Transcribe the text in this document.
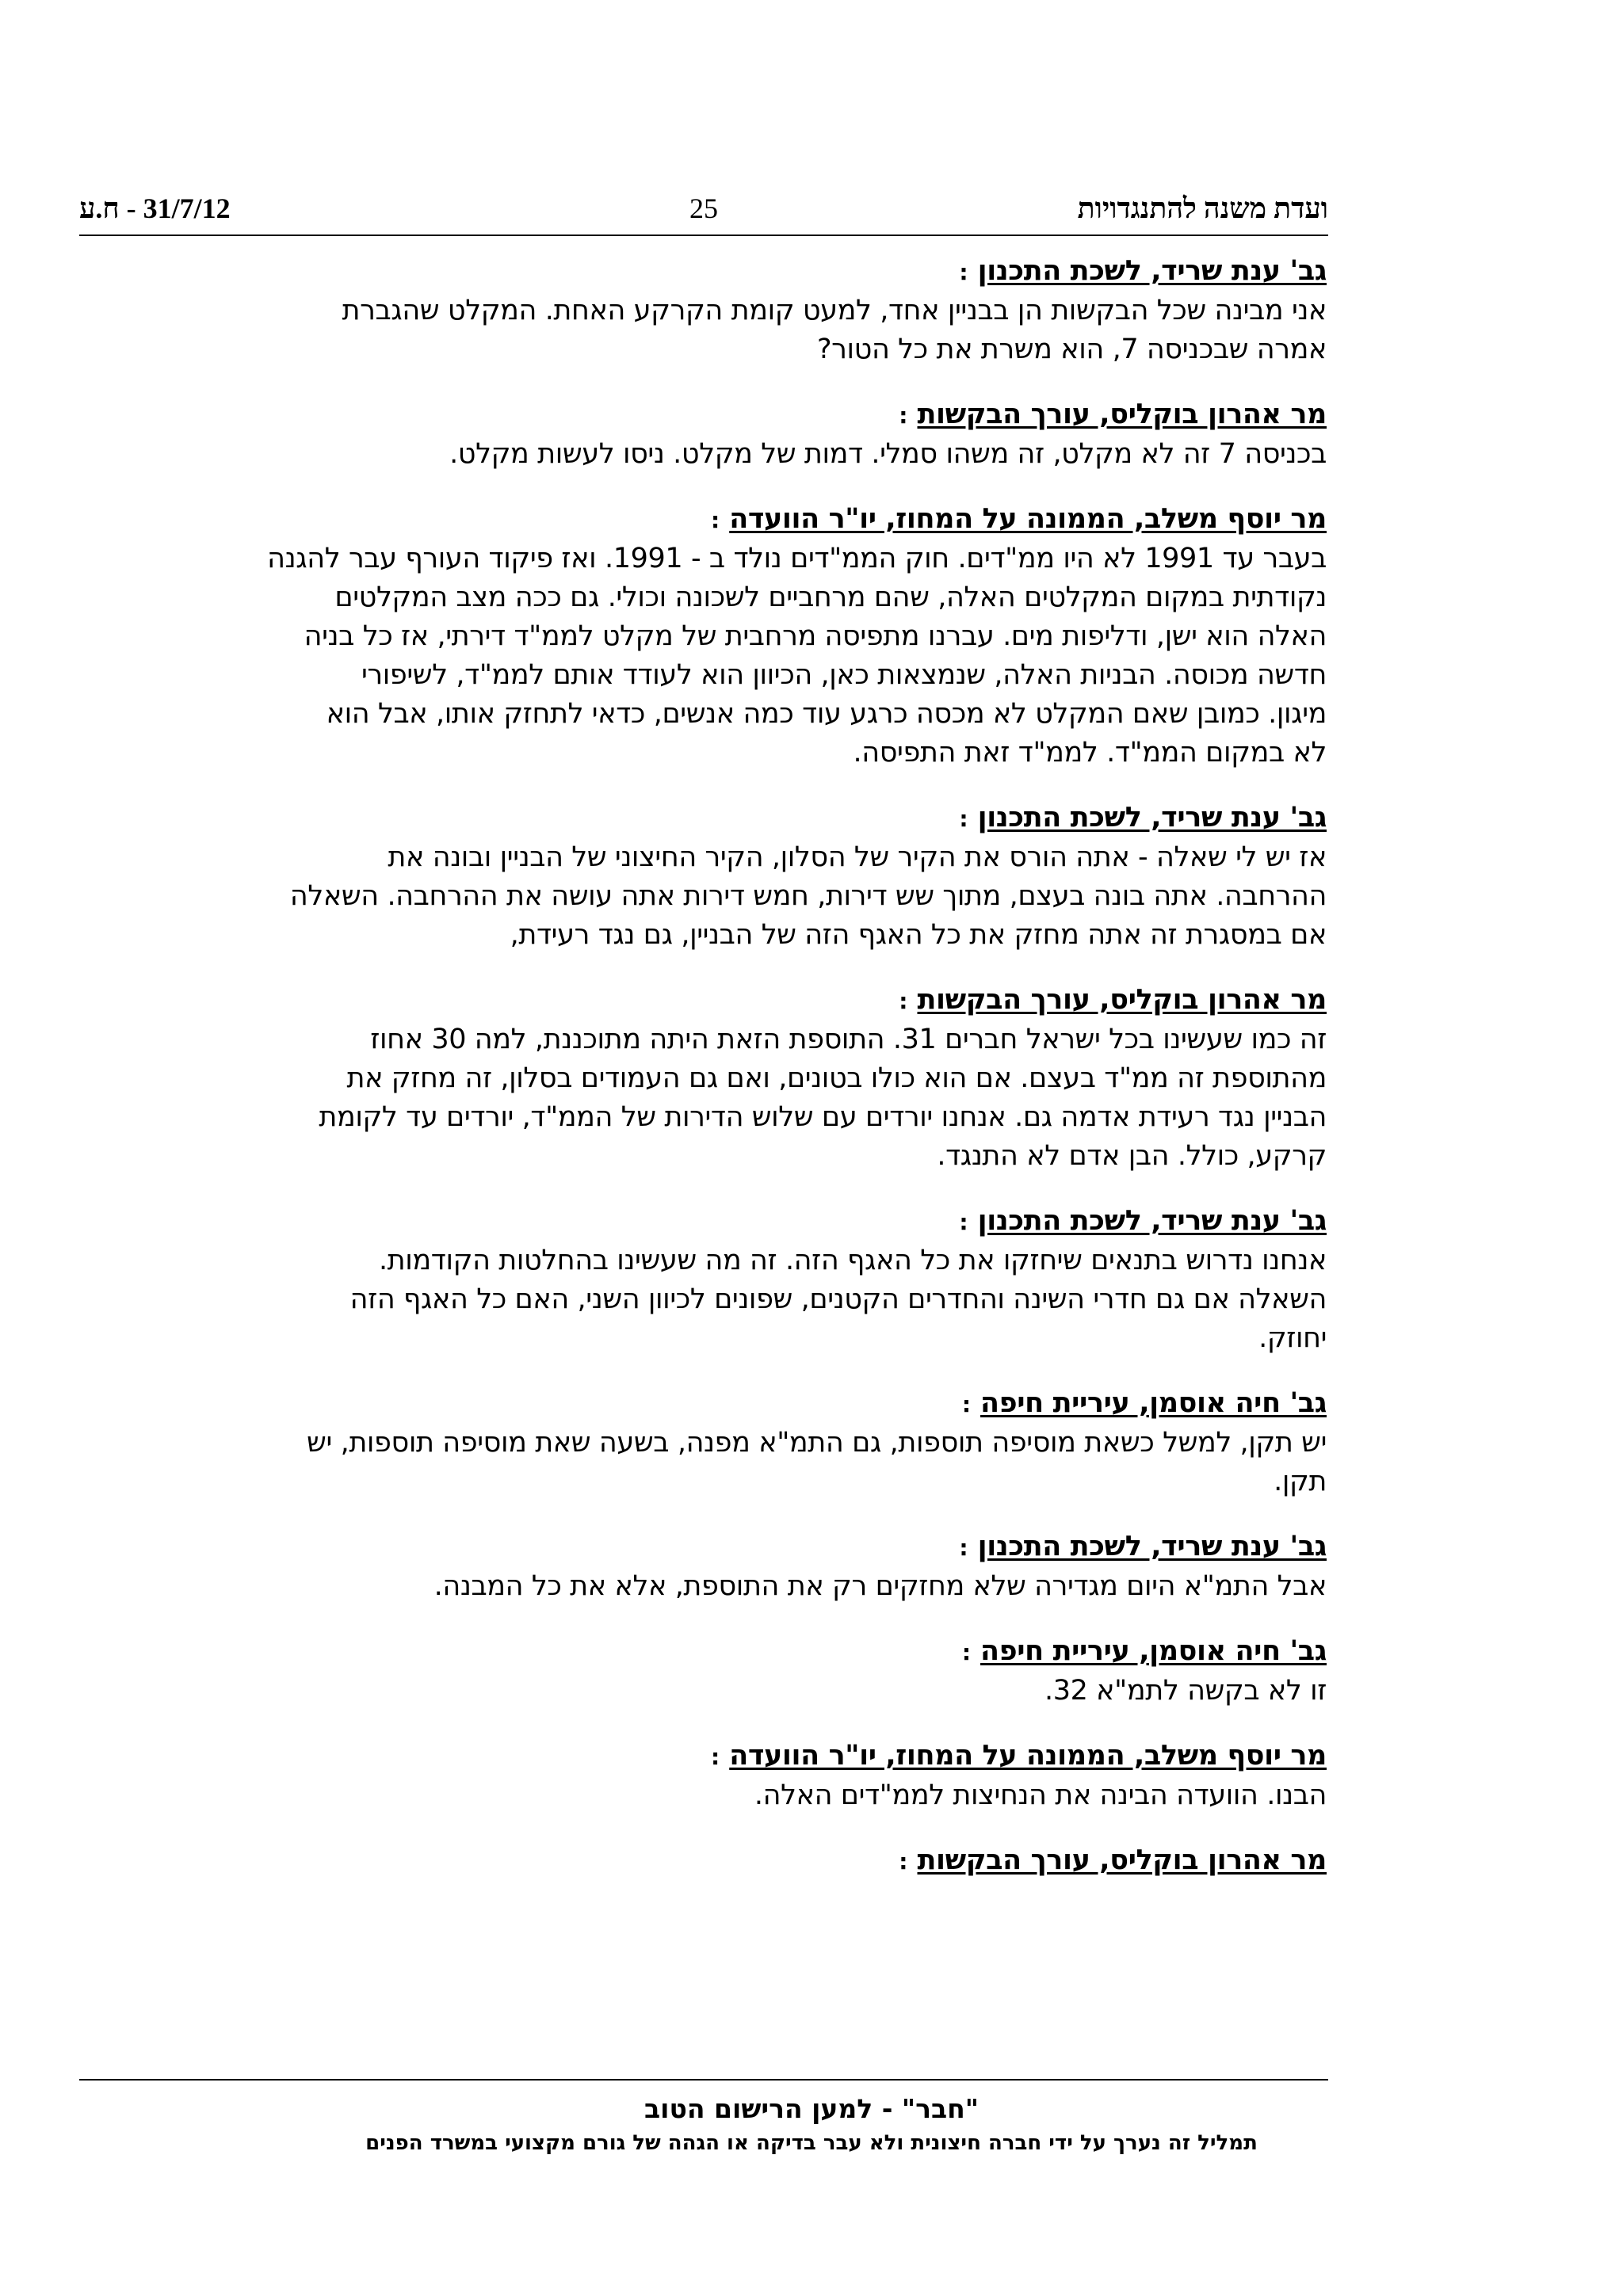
ועדת משנה להתנגדויות
25
31/7/12 - ח.ע
גב' ענת שריד, לשכת התכנון:
אני מבינה שכל הבקשות הן בבניין אחד, למעט קומת הקרקע האחת. המקלט שהגברת
אמרה שבכניסה 7, הוא משרת את כל הטור?
מר אהרון בוקליס, עורך הבקשות:
בכניסה 7 זה לא מקלט, זה משהו סמלי. דמות של מקלט. ניסו לעשות מקלט.
מר יוסף משלב, הממונה על המחוז, יו"ר הוועדה:
בעבר עד 1991 לא היו ממ"דים. חוק הממ"דים נולד ב - 1991. ואז פיקוד העורף עבר להגנה
נקודתית במקום המקלטים האלה, שהם מרחביים לשכונה וכולי. גם ככה מצב המקלטים
האלה הוא ישן, ודליפות מים. עברנו מתפיסה מרחבית של מקלט לממ"ד דירתי, אז כל בניה
חדשה מכוסה. הבניות האלה, שנמצאות כאן, הכיוון הוא לעודד אותם לממ"ד, לשיפורי
מיגון. כמובן שאם המקלט לא מכסה כרגע עוד כמה אנשים, כדאי לתחזק אותו, אבל הוא
לא במקום הממ"ד. לממ"ד זאת התפיסה.
גב' ענת שריד, לשכת התכנון:
אז יש לי שאלה - אתה הורס את הקיר של הסלון, הקיר החיצוני של הבניין ובונה את
ההרחבה. אתה בונה בעצם, מתוך שש דירות, חמש דירות אתה עושה את ההרחבה. השאלה
אם במסגרת זה אתה מחזק את כל האגף הזה של הבניין, גם נגד רעידת,
מר אהרון בוקליס, עורך הבקשות:
זה כמו שעשינו בכל ישראל חברים 31. התוספת הזאת היתה מתוכננת, למה 30 אחוז
מהתוספת זה ממ"ד בעצם. אם הוא כולו בטונים, ואם גם העמודים בסלון, זה מחזק את
הבניין נגד רעידת אדמה גם. אנחנו יורדים עם שלוש הדירות של הממ"ד, יורדים עד לקומת
קרקע, כולל. הבן אדם לא התנגד.
גב' ענת שריד, לשכת התכנון:
אנחנו נדרוש בתנאים שיחזקו את כל האגף הזה. זה מה שעשינו בהחלטות הקודמות.
השאלה אם גם חדרי השינה והחדרים הקטנים, שפונים לכיוון השני, האם כל האגף הזה
יחוזק.
גב' חיה אוסמן, עיריית חיפה:
יש תקן, למשל כשאת מוסיפה תוספות, גם התמ"א מפנה, בשעה שאת מוסיפה תוספות, יש
תקן.
גב' ענת שריד, לשכת התכנון:
אבל התמ"א היום מגדירה שלא מחזקים רק את התוספת, אלא את כל המבנה.
גב' חיה אוסמן, עיריית חיפה:
זו לא בקשה לתמ"א 32.
מר יוסף משלב, הממונה על המחוז, יו"ר הוועדה:
הבנו. הוועדה הבינה את הנחיצות לממ"דים האלה.
מר אהרון בוקליס, עורך הבקשות:
"חבר" - למען הרישום הטוב
תמליל זה נערך על ידי חברה חיצונית ולא עבר בדיקה או הגהה של גורם מקצועי במשרד הפנים
